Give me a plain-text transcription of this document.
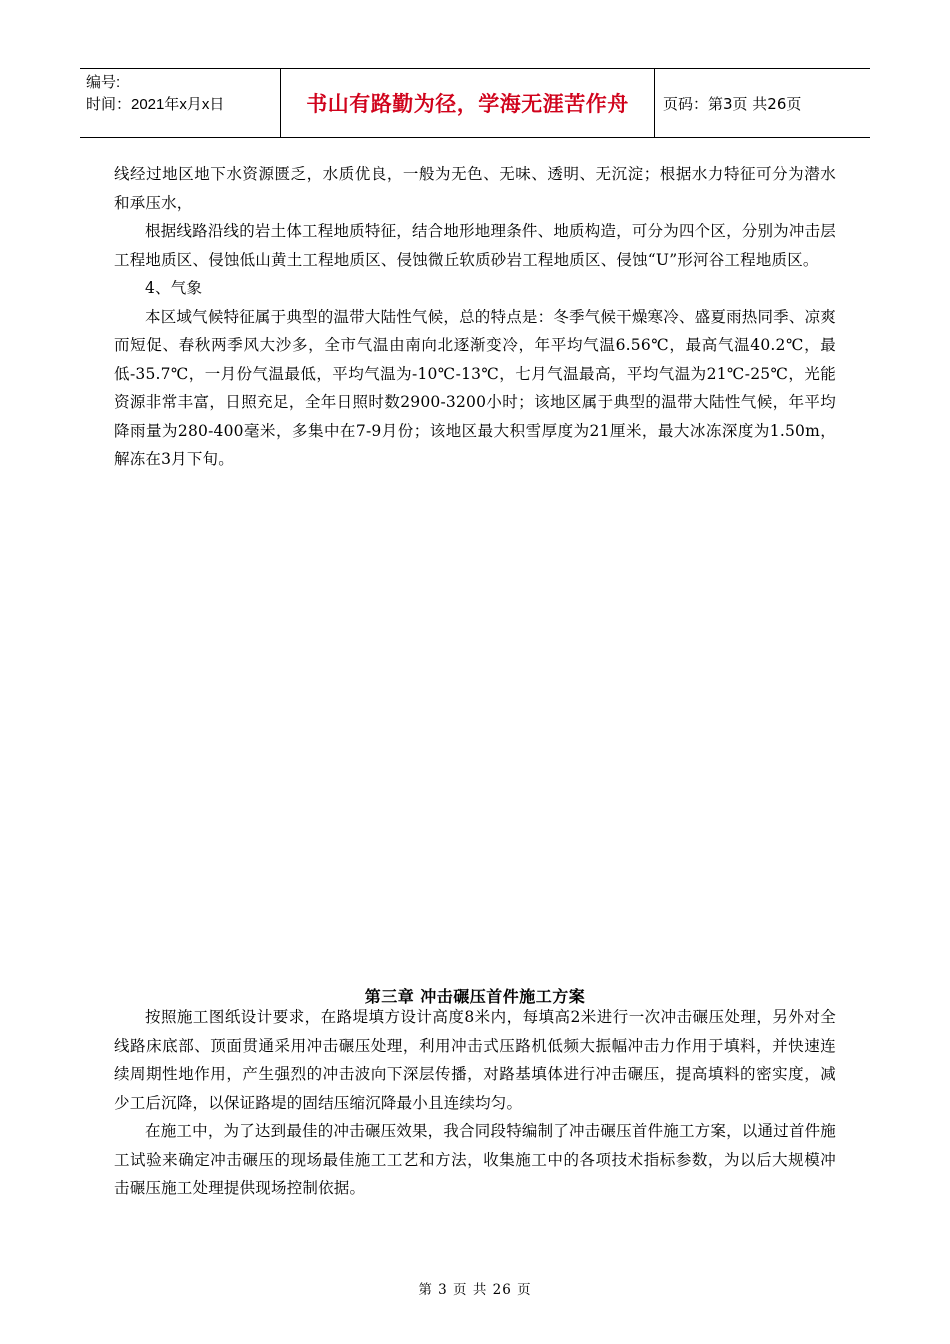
编号:
时间：2021年x月x日	书山有路勤为径，学海无涯苦作舟 页码：第3页 共26页

线经过地区地下水资源匮乏，水质优良，一般为无色、无味、透明、无沉淀；根据水力特征可分为潜水和承压水，

根据线路沿线的岩土体工程地质特征，结合地形地理条件、地质构造，可分为四个区，分别为冲击层工程地质区、侵蚀低山黄土工程地质区、侵蚀微丘软质砂岩工程地质区、侵蚀“U”形河谷工程地质区。

4、气象

本区域气候特征属于典型的温带大陆性气候，总的特点是：冬季气候干燥寒冷、盛夏雨热同季、凉爽而短促、春秋两季风大沙多，全市气温由南向北逐渐变冷，年平均气温6.56℃，最高气温40.2℃，最低-35.7℃，一月份气温最低，平均气温为-10℃-13℃，七月气温最高，平均气温为21℃-25℃，光能资源非常丰富，日照充足，全年日照时数2900-3200小时；该地区属于典型的温带大陆性气候，年平均降雨量为280-400毫米，多集中在7-9月份；该地区最大积雪厚度为21厘米，最大冰冻深度为1.50m，解冻在3月下旬。

第三章 冲击碾压首件施工方案

按照施工图纸设计要求，在路堤填方设计高度8米内，每填高2米进行一次冲击碾压处理，另外对全线路床底部、顶面贯通采用冲击碾压处理，利用冲击式压路机低频大振幅冲击力作用于填料，并快速连续周期性地作用，产生强烈的冲击波向下深层传播，对路基填体进行冲击碾压，提高填料的密实度，减少工后沉降，以保证路堤的固结压缩沉降最小且连续均匀。

在施工中，为了达到最佳的冲击碾压效果，我合同段特编制了冲击碾压首件施工方案，以通过首件施工试验来确定冲击碾压的现场最佳施工工艺和方法，收集施工中的各项技术指标参数，为以后大规模冲击碾压施工处理提供现场控制依据。

第 3 页 共 26 页
